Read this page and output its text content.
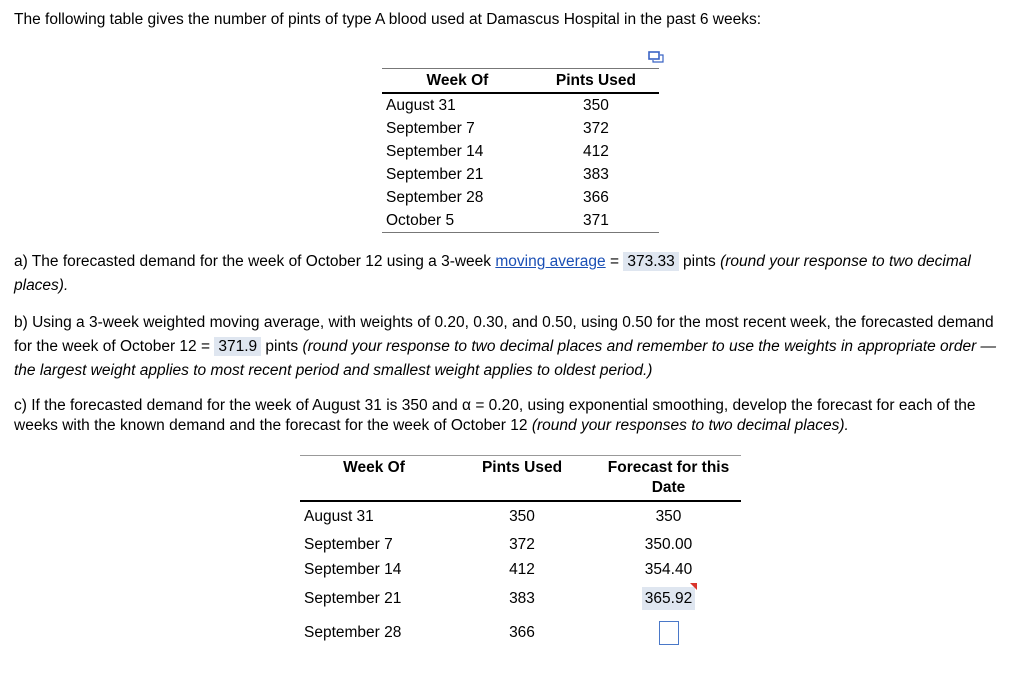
The following table gives the number of pints of type A blood used at Damascus Hospital in the past 6 weeks:

Week Of	Pints Used
August 31	350
September 7	372
September 14	412
September 21	383
September 28	366
October 5	371
a) The forecasted demand for the week of October 12 using a 3-week moving average = 373.33 pints (round your response to two decimal places).
b) Using a 3-week weighted moving average, with weights of 0.20, 0.30, and 0.50, using 0.50 for the most recent week, the forecasted demand for the week of October 12 = 371.9 pints (round your response to two decimal places and remember to use the weights in appropriate order — the largest weight applies to most recent period and smallest weight applies to oldest period.)
c) If the forecasted demand for the week of August 31 is 350 and α = 0.20, using exponential smoothing, develop the forecast for each of the weeks with the known demand and the forecast for the week of October 12 (round your responses to two decimal places).
Week Of	Pints Used	Forecast for this Date
August 31	350	350
September 7	372	350.00
September 14	412	354.40
September 21	383	365.92

September 28	366	
